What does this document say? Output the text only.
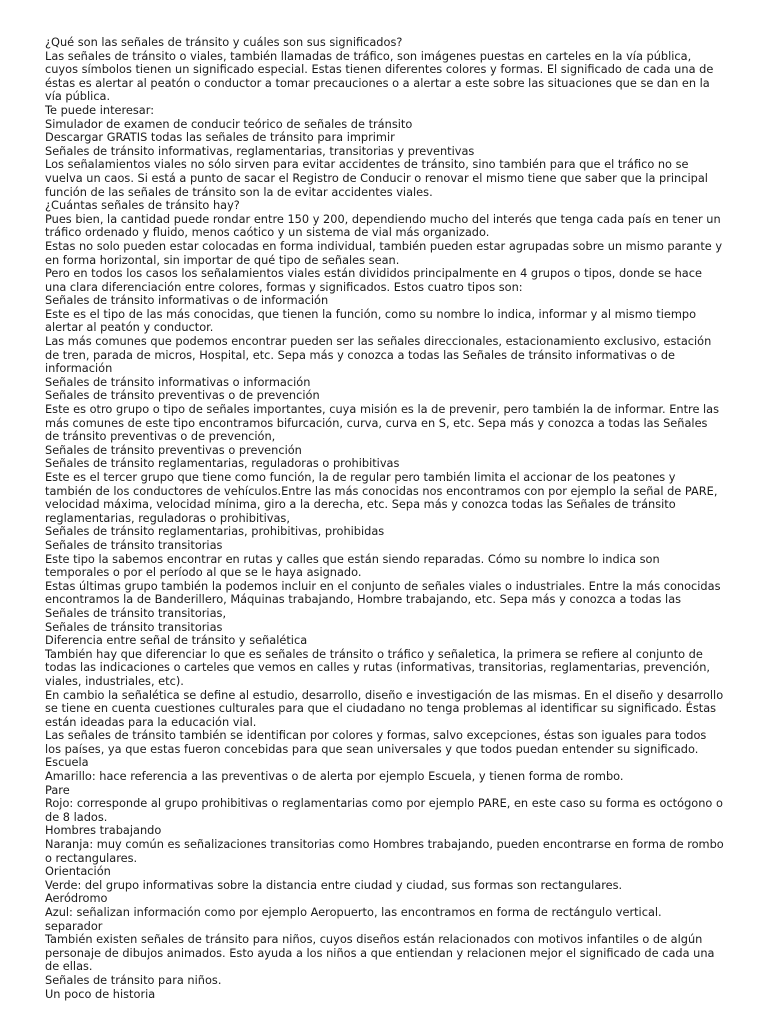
¿Qué son las señales de tránsito y cuáles son sus significados?

Las señales de tránsito o viales, también llamadas de tráfico, son imágenes puestas en carteles en la vía pública, cuyos símbolos tienen un significado especial. Estas tienen diferentes colores y formas. El significado de cada una de éstas es alertar al peatón o conductor a tomar precauciones o a alertar a este sobre las situaciones que se dan en la vía pública.

Te puede interesar:

Simulador de examen de conducir teórico de señales de tránsito

Descargar GRATIS todas las señales de tránsito para imprimir

Señales de tránsito informativas, reglamentarias, transitorias y preventivas

Los señalamientos viales no sólo sirven para evitar accidentes de tránsito, sino también para que el tráfico no se vuelva un caos. Si está a punto de sacar el Registro de Conducir o renovar el mismo tiene que saber que la principal función de las señales de tránsito son la de evitar accidentes viales.

¿Cuántas señales de tránsito hay?

Pues bien, la cantidad puede rondar entre 150 y 200, dependiendo mucho del interés que tenga cada país en tener un tráfico ordenado y fluido, menos caótico y un sistema de vial más organizado.

Estas no solo pueden estar colocadas en forma individual, también pueden estar agrupadas sobre un mismo parante y en forma horizontal, sin importar de qué tipo de señales sean.

Pero en todos los casos los señalamientos viales están divididos principalmente en 4 grupos o tipos, donde se hace una clara diferenciación entre colores, formas y significados. Estos cuatro tipos son:

Señales de tránsito informativas o de información

Este es el tipo de las más conocidas, que tienen la función, como su nombre lo indica, informar y al mismo tiempo alertar al peatón y conductor.

Las más comunes que podemos encontrar pueden ser las señales direccionales, estacionamiento exclusivo, estación de tren, parada de micros, Hospital, etc. Sepa más y conozca a todas las Señales de tránsito informativas o de información

Señales de tránsito informativas o información

Señales de tránsito preventivas o de prevención

Este es otro grupo o tipo de señales importantes, cuya misión es la de prevenir, pero también la de informar. Entre las más comunes de este tipo encontramos bifurcación, curva, curva en S, etc. Sepa más y conozca a todas las Señales de tránsito preventivas o de prevención,

Señales de tránsito preventivas o prevención

Señales de tránsito reglamentarias, reguladoras o prohibitivas

Este es el tercer grupo que tiene como función, la de regular pero también limita el accionar de los peatones y también de los conductores de vehículos.Entre las más conocidas nos encontramos con por ejemplo la señal de PARE, velocidad máxima, velocidad mínima, giro a la derecha, etc. Sepa más y conozca todas las Señales de tránsito reglamentarias, reguladoras o prohibitivas,

Señales de tránsito reglamentarias, prohibitivas, prohibidas

Señales de tránsito transitorias

Este tipo la sabemos encontrar en rutas y calles que están siendo reparadas. Cómo su nombre lo indica son temporales o por el período al que se le haya asignado.

Estas últimas grupo también la podemos incluir en el conjunto de señales viales o industriales. Entre la más conocidas encontramos la de Banderillero, Máquinas trabajando, Hombre trabajando, etc. Sepa más y conozca a todas las Señales de tránsito transitorias,

Señales de tránsito transitorias

Diferencia entre señal de tránsito y señalética

También hay que diferenciar lo que es señales de tránsito o tráfico y señaletica, la primera se refiere al conjunto de todas las indicaciones o carteles que vemos en calles y rutas (informativas, transitorias, reglamentarias, prevención, viales, industriales, etc).

En cambio la señalética se define al estudio, desarrollo, diseño e investigación de las mismas. En el diseño y desarrollo se tiene en cuenta cuestiones culturales para que el ciudadano no tenga problemas al identificar su significado. Éstas están ideadas para la educación vial.

Las señales de tránsito también se identifican por colores y formas, salvo excepciones, éstas son iguales para todos los países, ya que estas fueron concebidas para que sean universales y que todos puedan entender su significado.

Escuela

Amarillo: hace referencia a las preventivas o de alerta por ejemplo Escuela, y tienen forma de rombo.

Pare

Rojo: corresponde al grupo prohibitivas o reglamentarias como por ejemplo PARE, en este caso su forma es octógono o de 8 lados.

Hombres trabajando

Naranja: muy común es señalizaciones transitorias como Hombres trabajando, pueden encontrarse en forma de rombo o rectangulares.

Orientación

Verde: del grupo informativas sobre la distancia entre ciudad y ciudad, sus formas son rectangulares.

Aeródromo

Azul: señalizan información como por ejemplo Aeropuerto, las encontramos en forma de rectángulo vertical.

separador

También existen señales de tránsito para niños, cuyos diseños están relacionados con motivos infantiles o de algún personaje de dibujos animados. Esto ayuda a los niños a que entiendan y relacionen mejor el significado de cada una de ellas.

Señales de tránsito para niños.

Un poco de historia
